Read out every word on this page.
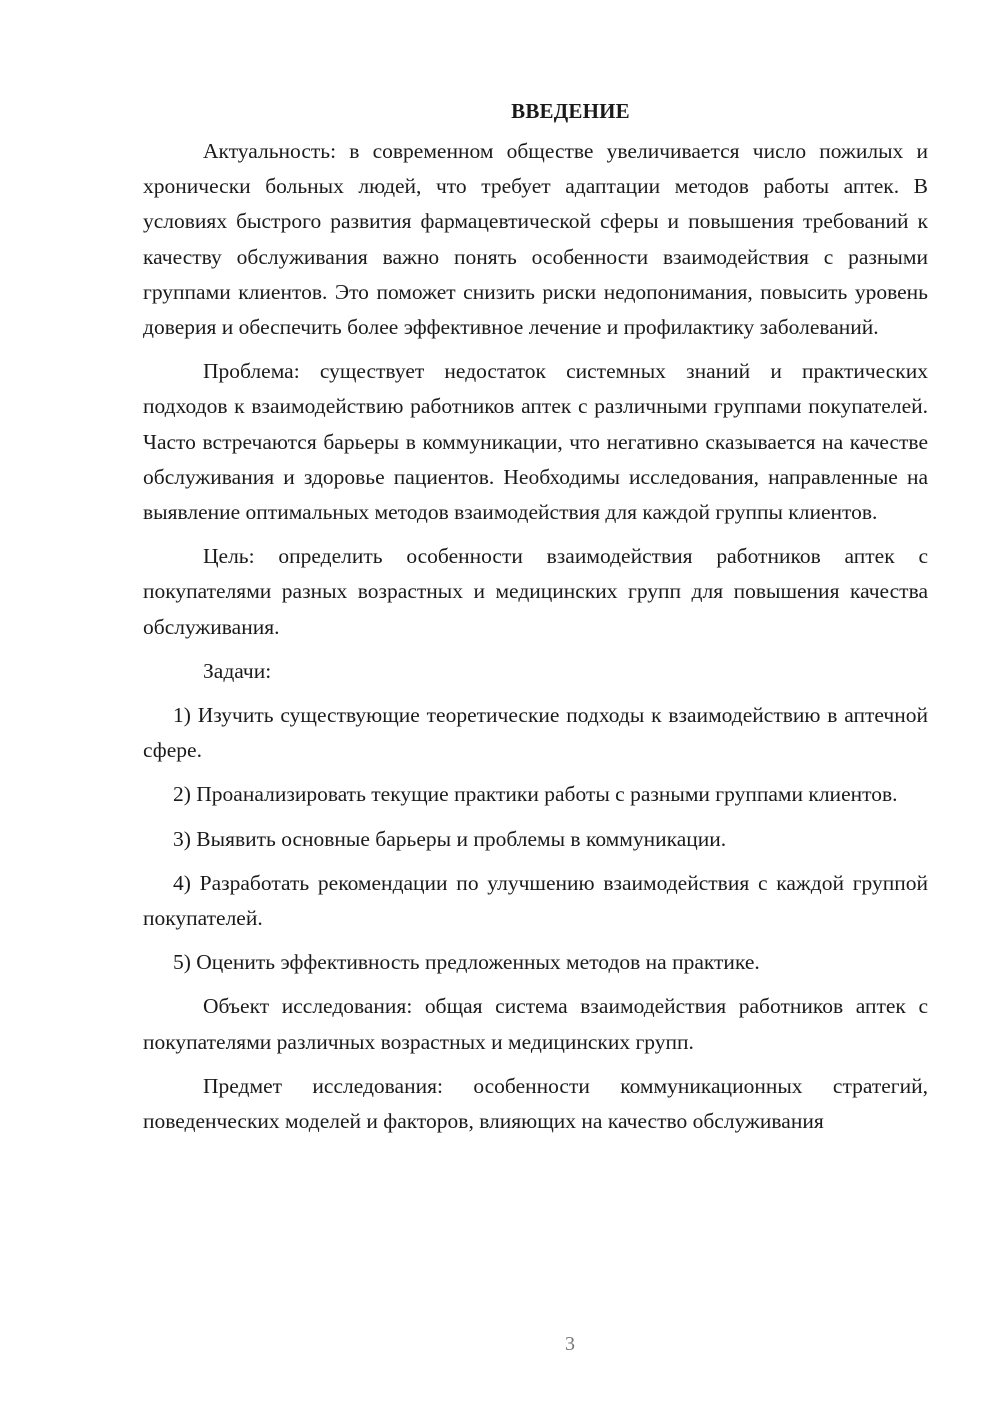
ВВЕДЕНИЕ

Актуальность: в современном обществе увеличивается число пожилых и хронически больных людей, что требует адаптации методов работы аптек. В условиях быстрого развития фармацевтической сферы и повышения требований к качеству обслуживания важно понять особенности взаимодействия с разными группами клиентов. Это поможет снизить риски недопонимания, повысить уровень доверия и обеспечить более эффективное лечение и профилактику заболеваний.

Проблема: существует недостаток системных знаний и практических подходов к взаимодействию работников аптек с различными группами покупателей. Часто встречаются барьеры в коммуникации, что негативно сказывается на качестве обслуживания и здоровье пациентов. Необходимы исследования, направленные на выявление оптимальных методов взаимодействия для каждой группы клиентов.

Цель: определить особенности взаимодействия работников аптек с покупателями разных возрастных и медицинских групп для повышения качества обслуживания.

Задачи:

1) Изучить существующие теоретические подходы к взаимодействию в аптечной сфере.

2) Проанализировать текущие практики работы с разными группами клиентов.

3) Выявить основные барьеры и проблемы в коммуникации.

4) Разработать рекомендации по улучшению взаимодействия с каждой группой покупателей.

5) Оценить эффективность предложенных методов на практике.

Объект исследования: общая система взаимодействия работников аптек с покупателями различных возрастных и медицинских групп.

Предмет исследования: особенности коммуникационных стратегий, поведенческих моделей и факторов, влияющих на качество обслуживания

3
